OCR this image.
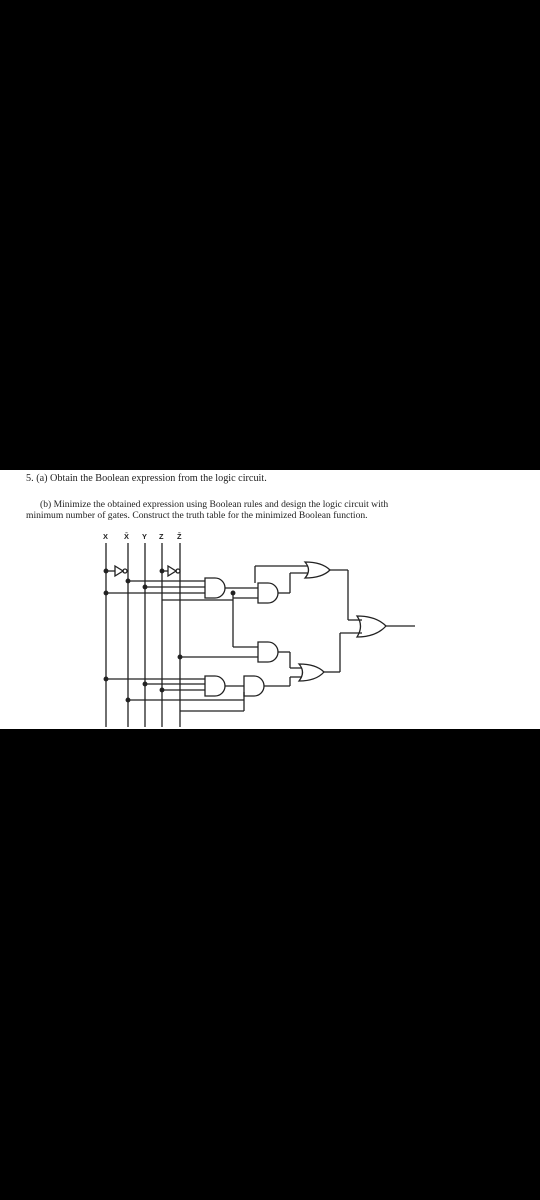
5. (a) Obtain the Boolean expression from the logic circuit.
(b) Minimize the obtained expression using Boolean rules and design the logic circuit with
minimum number of gates. Construct the truth table for the minimized Boolean function.
X X̄ Y Z Z̄
